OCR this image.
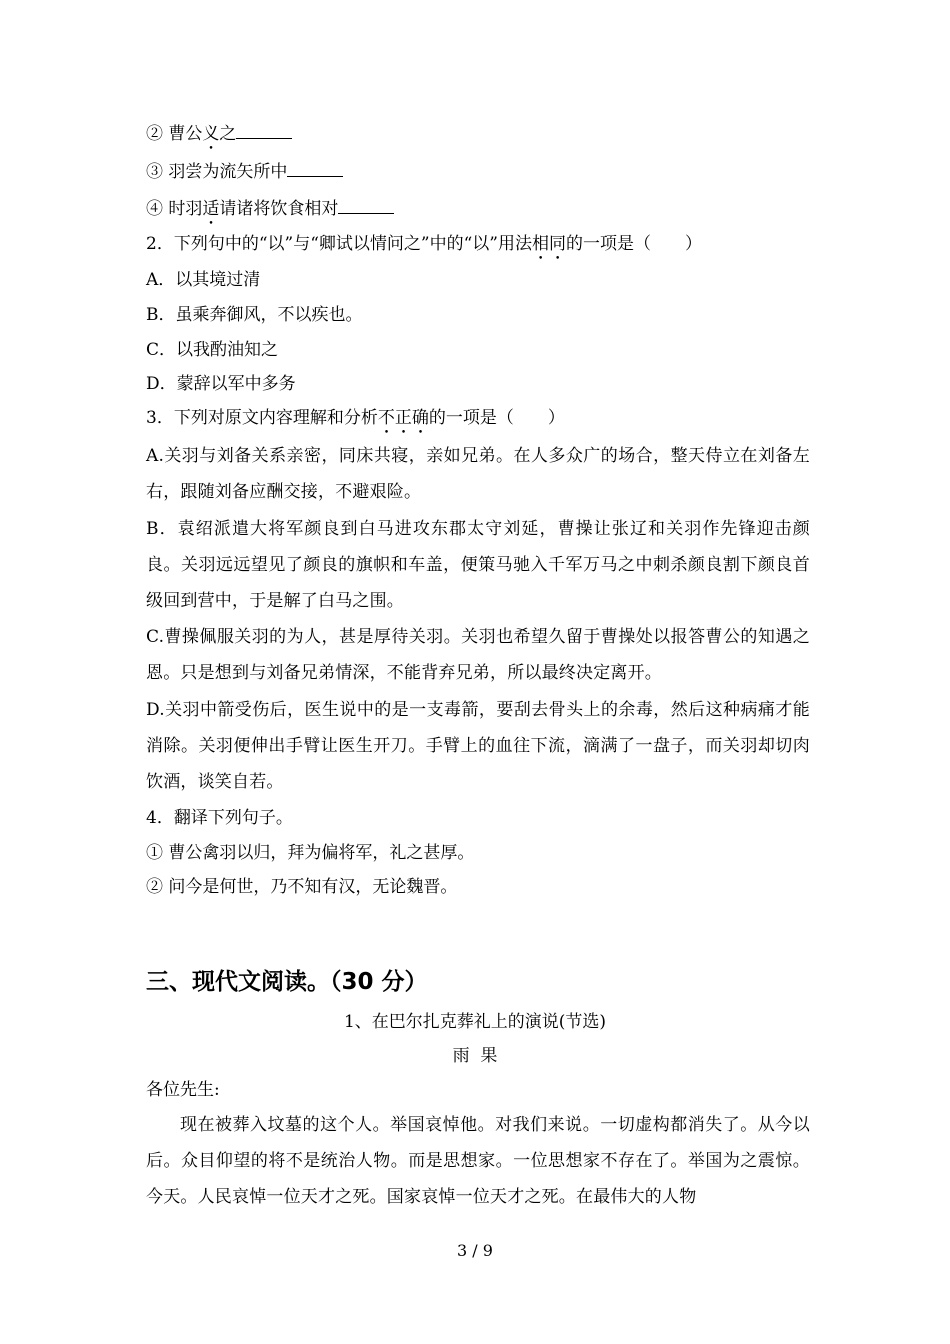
② 曹公义之
③ 羽尝为流矢所中
④ 时羽适请诸将饮食相对
2．下列句中的“以”与“卿试以情问之”中的“以”用法相同的一项是（　　）
A．以其境过清
B．虽乘奔御风，不以疾也。
C．以我酌油知之
D．蒙辞以军中多务
3．下列对原文内容理解和分析不正确的一项是（　　）
A.关羽与刘备关系亲密，同床共寝，亲如兄弟。在人多众广的场合，整天侍立在刘备左右，跟随刘备应酬交接，不避艰险。
B．袁绍派遣大将军颜良到白马进攻东郡太守刘延，曹操让张辽和关羽作先锋迎击颜良。关羽远远望见了颜良的旗帜和车盖，便策马驰入千军万马之中刺杀颜良割下颜良首级回到营中，于是解了白马之围。
C.曹操佩服关羽的为人，甚是厚待关羽。关羽也希望久留于曹操处以报答曹公的知遇之恩。只是想到与刘备兄弟情深，不能背弃兄弟，所以最终决定离开。
D.关羽中箭受伤后，医生说中的是一支毒箭，要刮去骨头上的余毒，然后这种病痛才能消除。关羽便伸出手臂让医生开刀。手臂上的血往下流，滴满了一盘子，而关羽却切肉饮酒，谈笑自若。
4．翻译下列句子。
① 曹公禽羽以归，拜为偏将军，礼之甚厚。
② 问今是何世，乃不知有汉，无论魏晋。
三、现代文阅读。（30 分）
1、在巴尔扎克葬礼上的演说(节选)
雨  果
各位先生:
现在被葬入坟墓的这个人。举国哀悼他。对我们来说。一切虚构都消失了。从今以后。众目仰望的将不是统治人物。而是思想家。一位思想家不存在了。举国为之震惊。今天。人民哀悼一位天才之死。国家哀悼一位天才之死。在最伟大的人物
3 / 9
